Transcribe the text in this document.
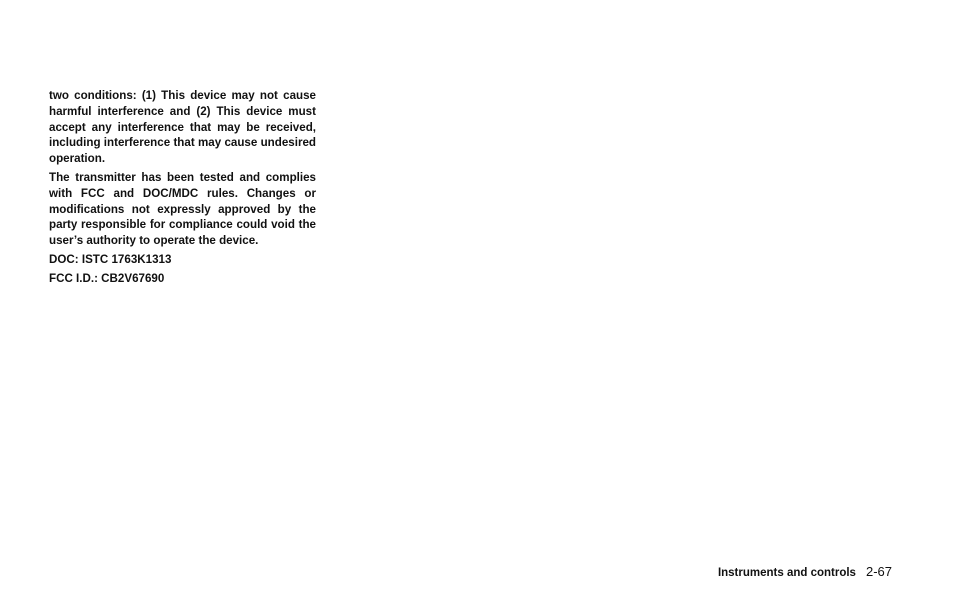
two conditions: (1) This device may not cause harmful interference and (2) This device must accept any interference that may be received, including interference that may cause undesired operation.

The transmitter has been tested and complies with FCC and DOC/MDC rules. Changes or modifications not expressly approved by the party responsible for compliance could void the user’s authority to operate the device.

DOC: ISTC 1763K1313

FCC I.D.: CB2V67690

Instruments and controls 2-67
